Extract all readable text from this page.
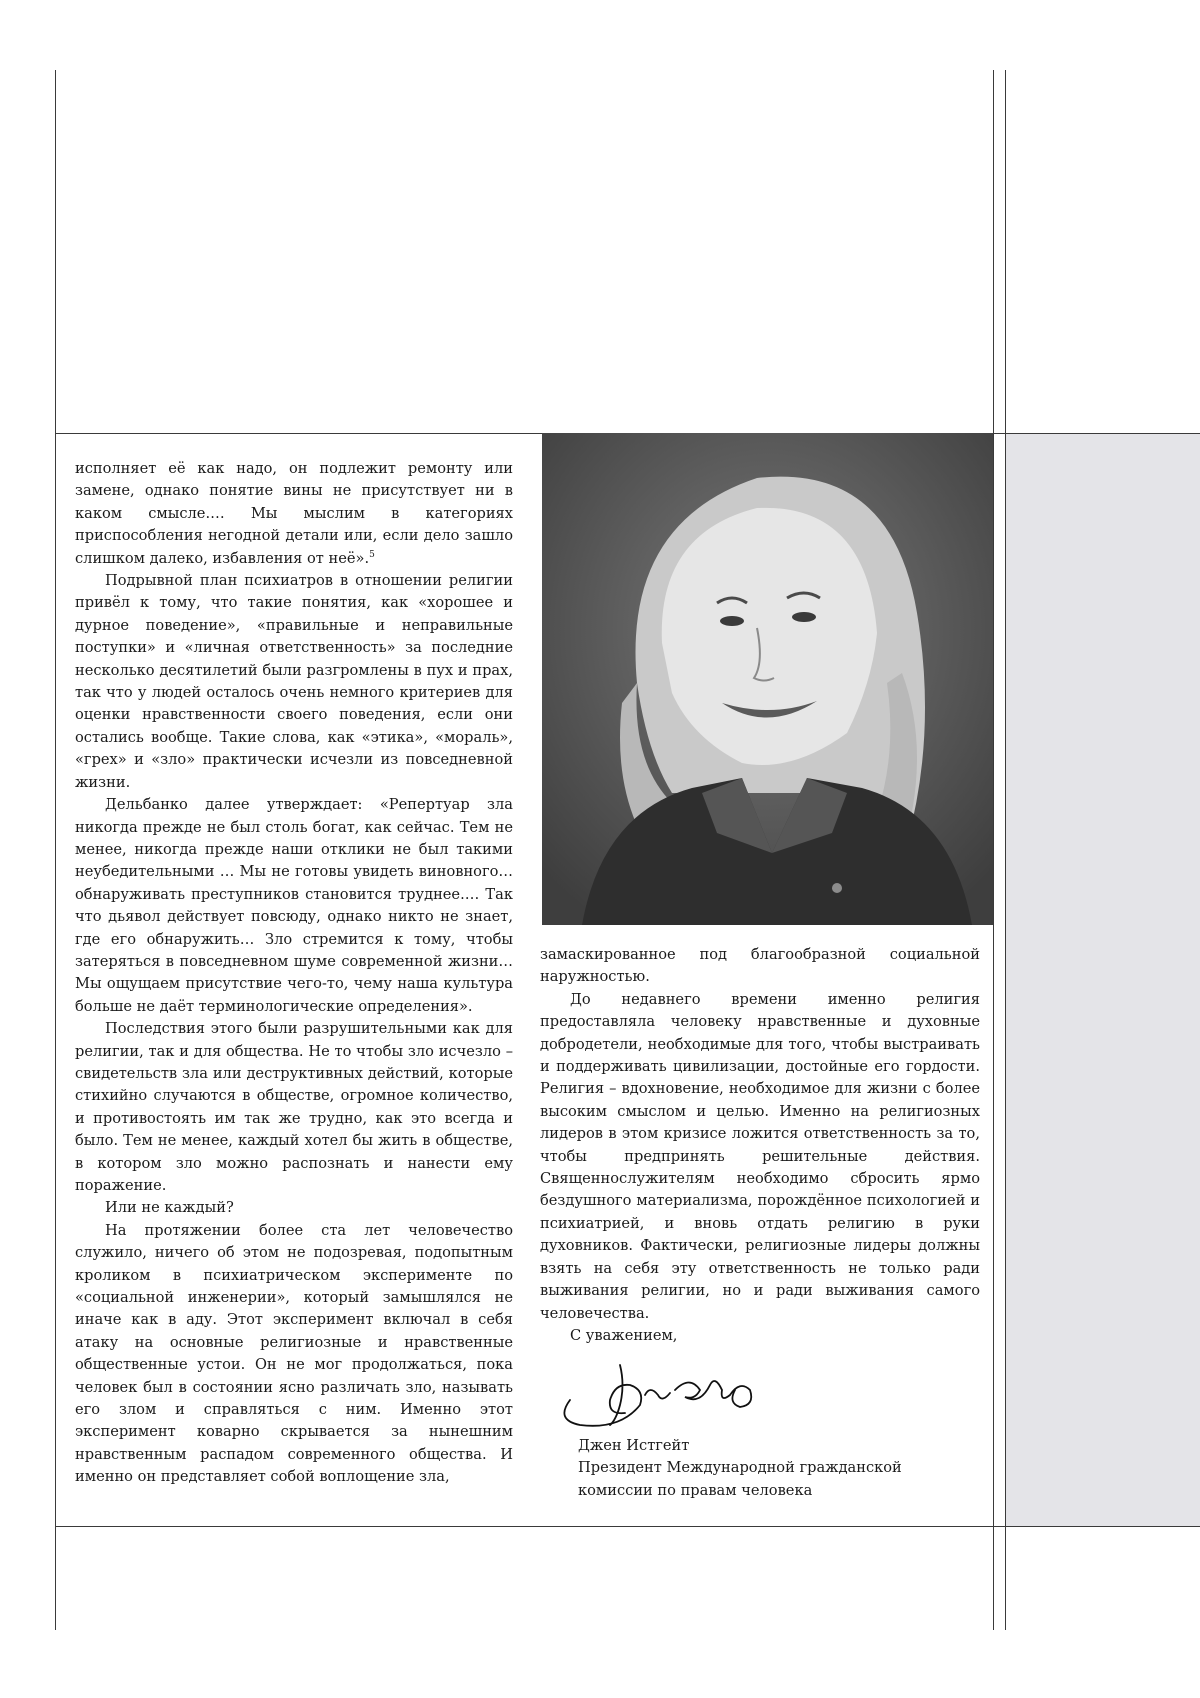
исполняет её как надо, он подлежит ремонту или замене, однако понятие вины не присутствует ни в каком смысле.… Мы мыслим в категориях приспособления негодной детали или, если дело зашло слишком далеко, избавления от неё».5

Подрывной план психиатров в отношении религии привёл к тому, что такие понятия, как «хорошее и дурное поведение», «правильные и неправильные поступки» и «личная ответственность» за последние несколько десятилетий были разгромлены в пух и прах, так что у людей осталось очень немного критериев для оценки нравственности своего поведения, если они остались вообще. Такие слова, как «этика», «мораль», «грех» и «зло» практически исчезли из повседневной жизни.

Дельбанко далее утверждает: «Репертуар зла никогда прежде не был столь богат, как сейчас. Тем не менее, никогда прежде наши отклики не был такими неубедительными … Мы не готовы увидеть виновного… обнаруживать преступников становится труднее.… Так что дьявол действует повсюду, однако никто не знает, где его обнаружить… Зло стремится к тому, чтобы затеряться в повседневном шуме современной жизни… Мы ощущаем присутствие чего-то, чему наша культура больше не даёт терминологические определения».

Последствия этого были разрушительными как для религии, так и для общества. Не то чтобы зло исчезло – свидетельств зла или деструктивных действий, которые стихийно случаются в обществе, огромное количество, и противостоять им так же трудно, как это всегда и было. Тем не менее, каждый хотел бы жить в обществе, в котором зло можно распознать и нанести ему поражение.

Или не каждый?

На протяжении более ста лет человечество служило, ничего об этом не подозревая, подопытным кроликом в психиатрическом эксперименте по «социальной инженерии», который замышлялся не иначе как в аду. Этот эксперимент включал в себя атаку на основные религиозные и нравственные общественные устои. Он не мог продолжаться, пока человек был в состоянии ясно различать зло, называть его злом и справляться с ним. Именно этот эксперимент коварно скрывается за нынешним нравственным распадом современного общества. И именно он представляет собой воплощение зла,

замаскированное под благообразной социальной наружностью.

До недавнего времени именно религия предоставляла человеку нравственные и духовные добродетели, необходимые для того, чтобы выстраивать и поддерживать цивилизации, достойные его гордости. Религия – вдохновение, необходимое для жизни с более высоким смыслом и целью. Именно на религиозных лидеров в этом кризисе ложится ответственность за то, чтобы предпринять решительные действия. Священнослужителям необходимо сбросить ярмо бездушного материализма, порождённое психологией и психиатрией, и вновь отдать религию в руки духовников. Фактически, религиозные лидеры должны взять на себя эту ответственность не только ради выживания религии, но и ради выживания самого человечества.

С уважением,

Джен Истгейт
Президент Международной гражданской
комиссии по правам человека
